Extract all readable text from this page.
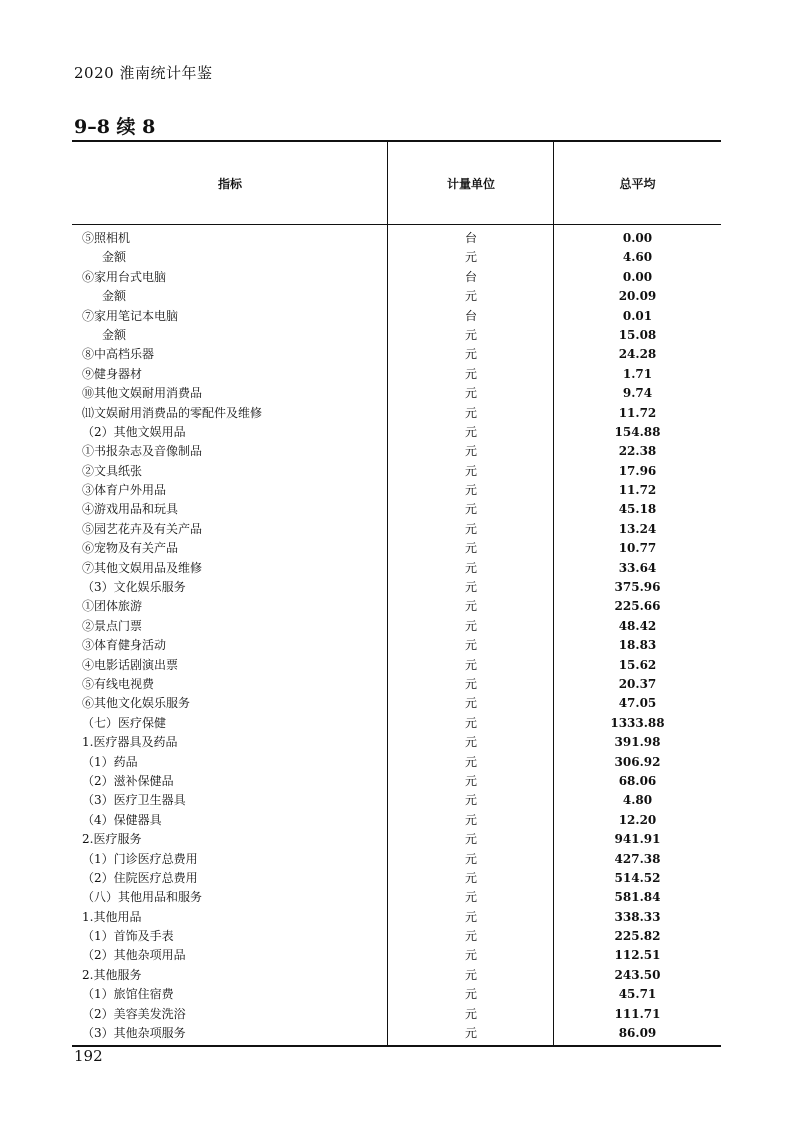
2020 淮南统计年鉴
9–8 续 8
指标	计量单位	总平均
⑤照相机	台	0.00
金额	元	4.60
⑥家用台式电脑	台	0.00
金额	元	20.09
⑦家用笔记本电脑	台	0.01
金额	元	15.08
⑧中高档乐器	元	24.28
⑨健身器材	元	1.71
⑩其他文娱耐用消费品	元	9.74
⑾文娱耐用消费品的零配件及维修	元	11.72
（2）其他文娱用品	元	154.88
①书报杂志及音像制品	元	22.38
②文具纸张	元	17.96
③体育户外用品	元	11.72
④游戏用品和玩具	元	45.18
⑤园艺花卉及有关产品	元	13.24
⑥宠物及有关产品	元	10.77
⑦其他文娱用品及维修	元	33.64
（3）文化娱乐服务	元	375.96
①团体旅游	元	225.66
②景点门票	元	48.42
③体育健身活动	元	18.83
④电影话剧演出票	元	15.62
⑤有线电视费	元	20.37
⑥其他文化娱乐服务	元	47.05
（七）医疗保健	元	1333.88
1.医疗器具及药品	元	391.98
（1）药品	元	306.92
（2）滋补保健品	元	68.06
（3）医疗卫生器具	元	4.80
（4）保健器具	元	12.20
2.医疗服务	元	941.91
（1）门诊医疗总费用	元	427.38
（2）住院医疗总费用	元	514.52
（八）其他用品和服务	元	581.84
1.其他用品	元	338.33
（1）首饰及手表	元	225.82
（2）其他杂项用品	元	112.51
2.其他服务	元	243.50
（1）旅馆住宿费	元	45.71
（2）美容美发洗浴	元	111.71
（3）其他杂项服务	元	86.09
192
